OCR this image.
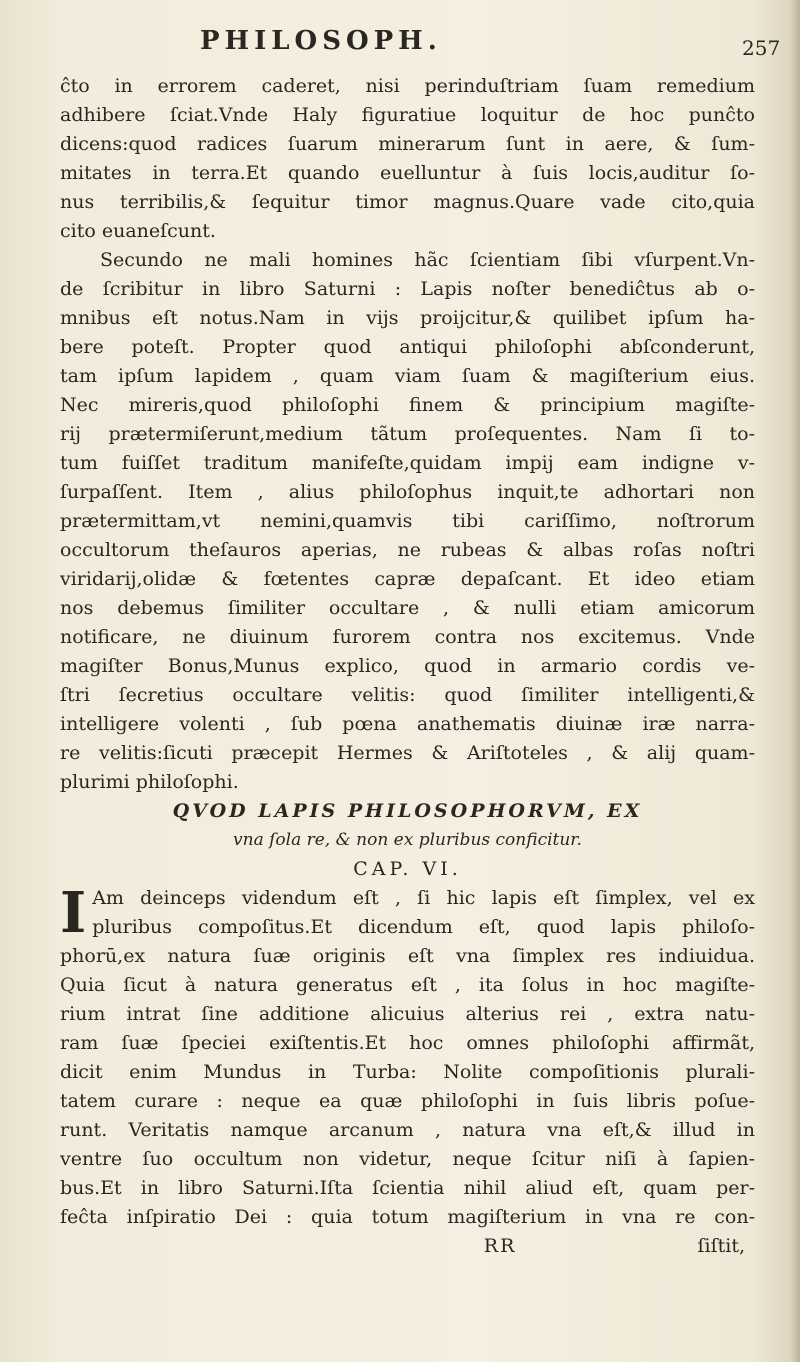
PHILOSOPH.	257
ĉto in errorem caderet, nisi perinduſtriam ſuam remedium
adhibere ſciat.Vnde Haly figuratiue loquitur de hoc punĉto
dicens:quod radices ſuarum minerarum ſunt in aere, & ſum-
mitates in terra.Et quando euelluntur à ſuis locis,auditur ſo-
nus terribilis,& ſequitur timor magnus.Quare vade cito,quia
cito euaneſcunt.
Secundo ne mali homines hãc ſcientiam ſibi vſurpent.Vn-
de ſcribitur in libro Saturni : Lapis noſter benediĉtus ab o-
mnibus eſt notus.Nam in vijs proijcitur,& quilibet ipſum ha-
bere poteſt. Propter quod antiqui philoſophi abſconderunt,
tam ipſum lapidem , quam viam ſuam & magiſterium eius.
Nec mireris,quod philoſophi finem & principium magiſte-
rij prætermiſerunt,medium tãtum proſequentes. Nam ſi to-
tum fuiſſet traditum manifeſte,quidam impij eam indigne v-
ſurpaſſent. Item , alius philoſophus inquit,te adhortari non
prætermittam,vt nemini,quamvis tibi cariſſimo, noſtrorum
occultorum theſauros aperias, ne rubeas & albas roſas noſtri
viridarij,olidæ & fœtentes capræ depaſcant. Et ideo etiam
nos debemus ſimiliter occultare , & nulli etiam amicorum
notificare, ne diuinum furorem contra nos excitemus. Vnde
magiſter Bonus,Munus explico, quod in armario cordis ve-
ſtri ſecretius occultare velitis: quod ſimiliter intelligenti,&
intelligere volenti , ſub pœna anathematis diuinæ iræ narra-
re velitis:ſicuti præcepit Hermes & Ariſtoteles , & alij quam-
plurimi philoſophi.
QVOD LAPIS PHILOSOPHORVM, EX
vna ſola re, & non ex pluribus conficitur.
CAP. VI.
I Am deinceps videndum eſt , ſi hic lapis eſt ſimplex, vel ex
pluribus compoſitus.Et dicendum eſt, quod lapis philoſo-
phorū,ex natura ſuæ originis eſt vna ſimplex res indiuidua.
Quia ſicut à natura generatus eſt , ita ſolus in hoc magiſte-
rium intrat ſine additione alicuius alterius rei , extra natu-
ram ſuæ ſpeciei exiſtentis.Et hoc omnes philoſophi affirmãt,
dicit enim Mundus in Turba: Nolite compoſitionis plurali-
tatem curare : neque ea quæ philoſophi in ſuis libris poſue-
runt. Veritatis namque arcanum , natura vna eſt,& illud in
ventre ſuo occultum non videtur, neque ſcitur niſi à ſapien-
bus.Et in libro Saturni.Iſta ſcientia nihil aliud eſt, quam per-
feĉta inſpiratio Dei : quia totum magiſterium in vna re con-
RR	ſiſtit,
